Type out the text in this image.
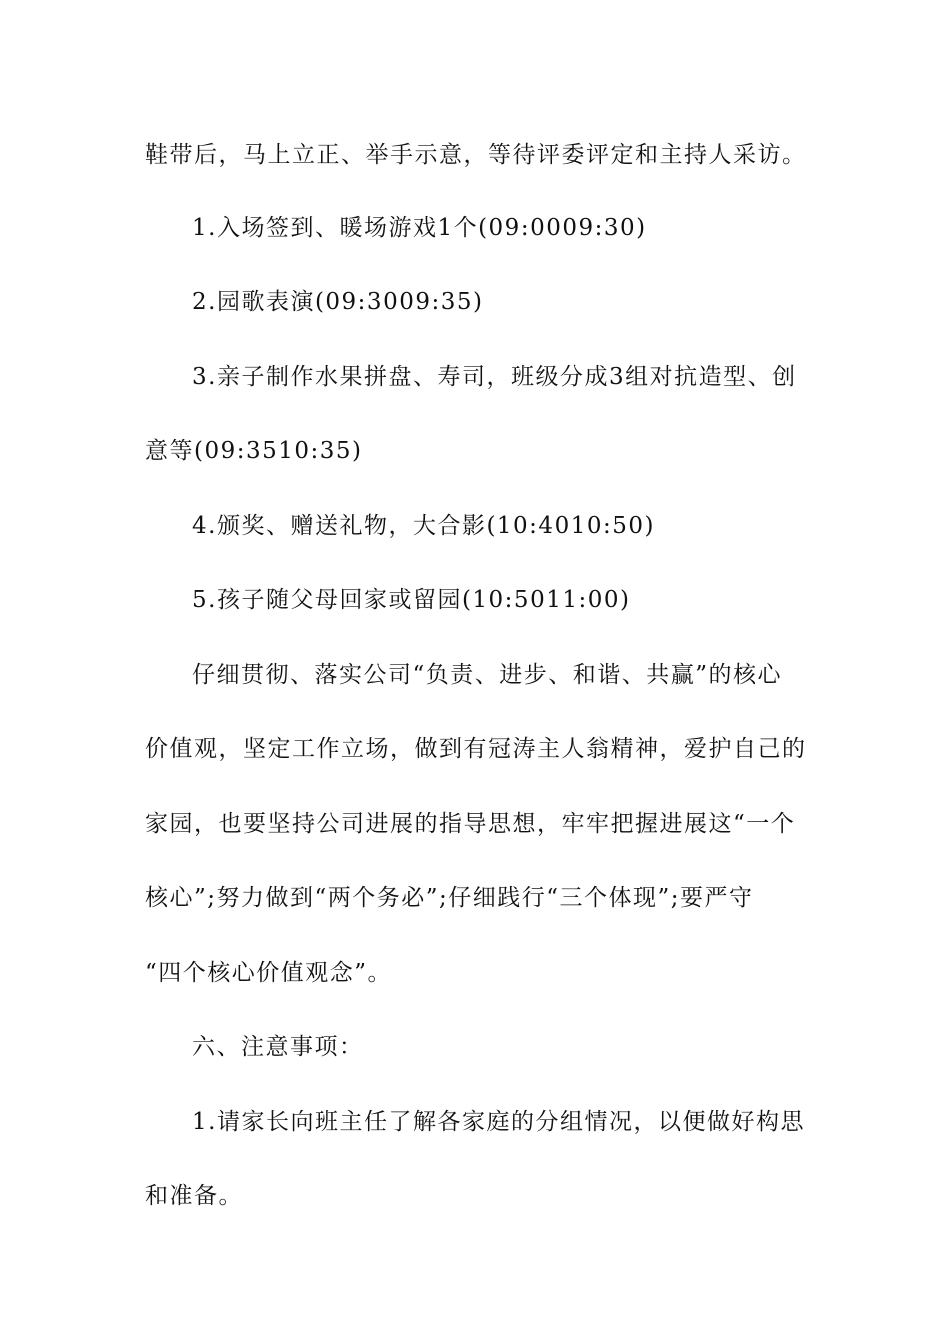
鞋带后，马上立正、举手示意，等待评委评定和主持人采访。
1.入场签到、暖场游戏1个(09:0009:30)
2.园歌表演(09:3009:35)
3.亲子制作水果拼盘、寿司，班级分成3组对抗造型、创
意等(09:3510:35)
4.颁奖、赠送礼物，大合影(10:4010:50)
5.孩子随父母回家或留园(10:5011:00)
仔细贯彻、落实公司“负责、进步、和谐、共赢”的核心
价值观，坚定工作立场，做到有冠涛主人翁精神，爱护自己的
家园，也要坚持公司进展的指导思想，牢牢把握进展这“一个
核心”;努力做到“两个务必”;仔细践行“三个体现”;要严守
“四个核心价值观念”。
六、注意事项：
1.请家长向班主任了解各家庭的分组情况，以便做好构思
和准备。
